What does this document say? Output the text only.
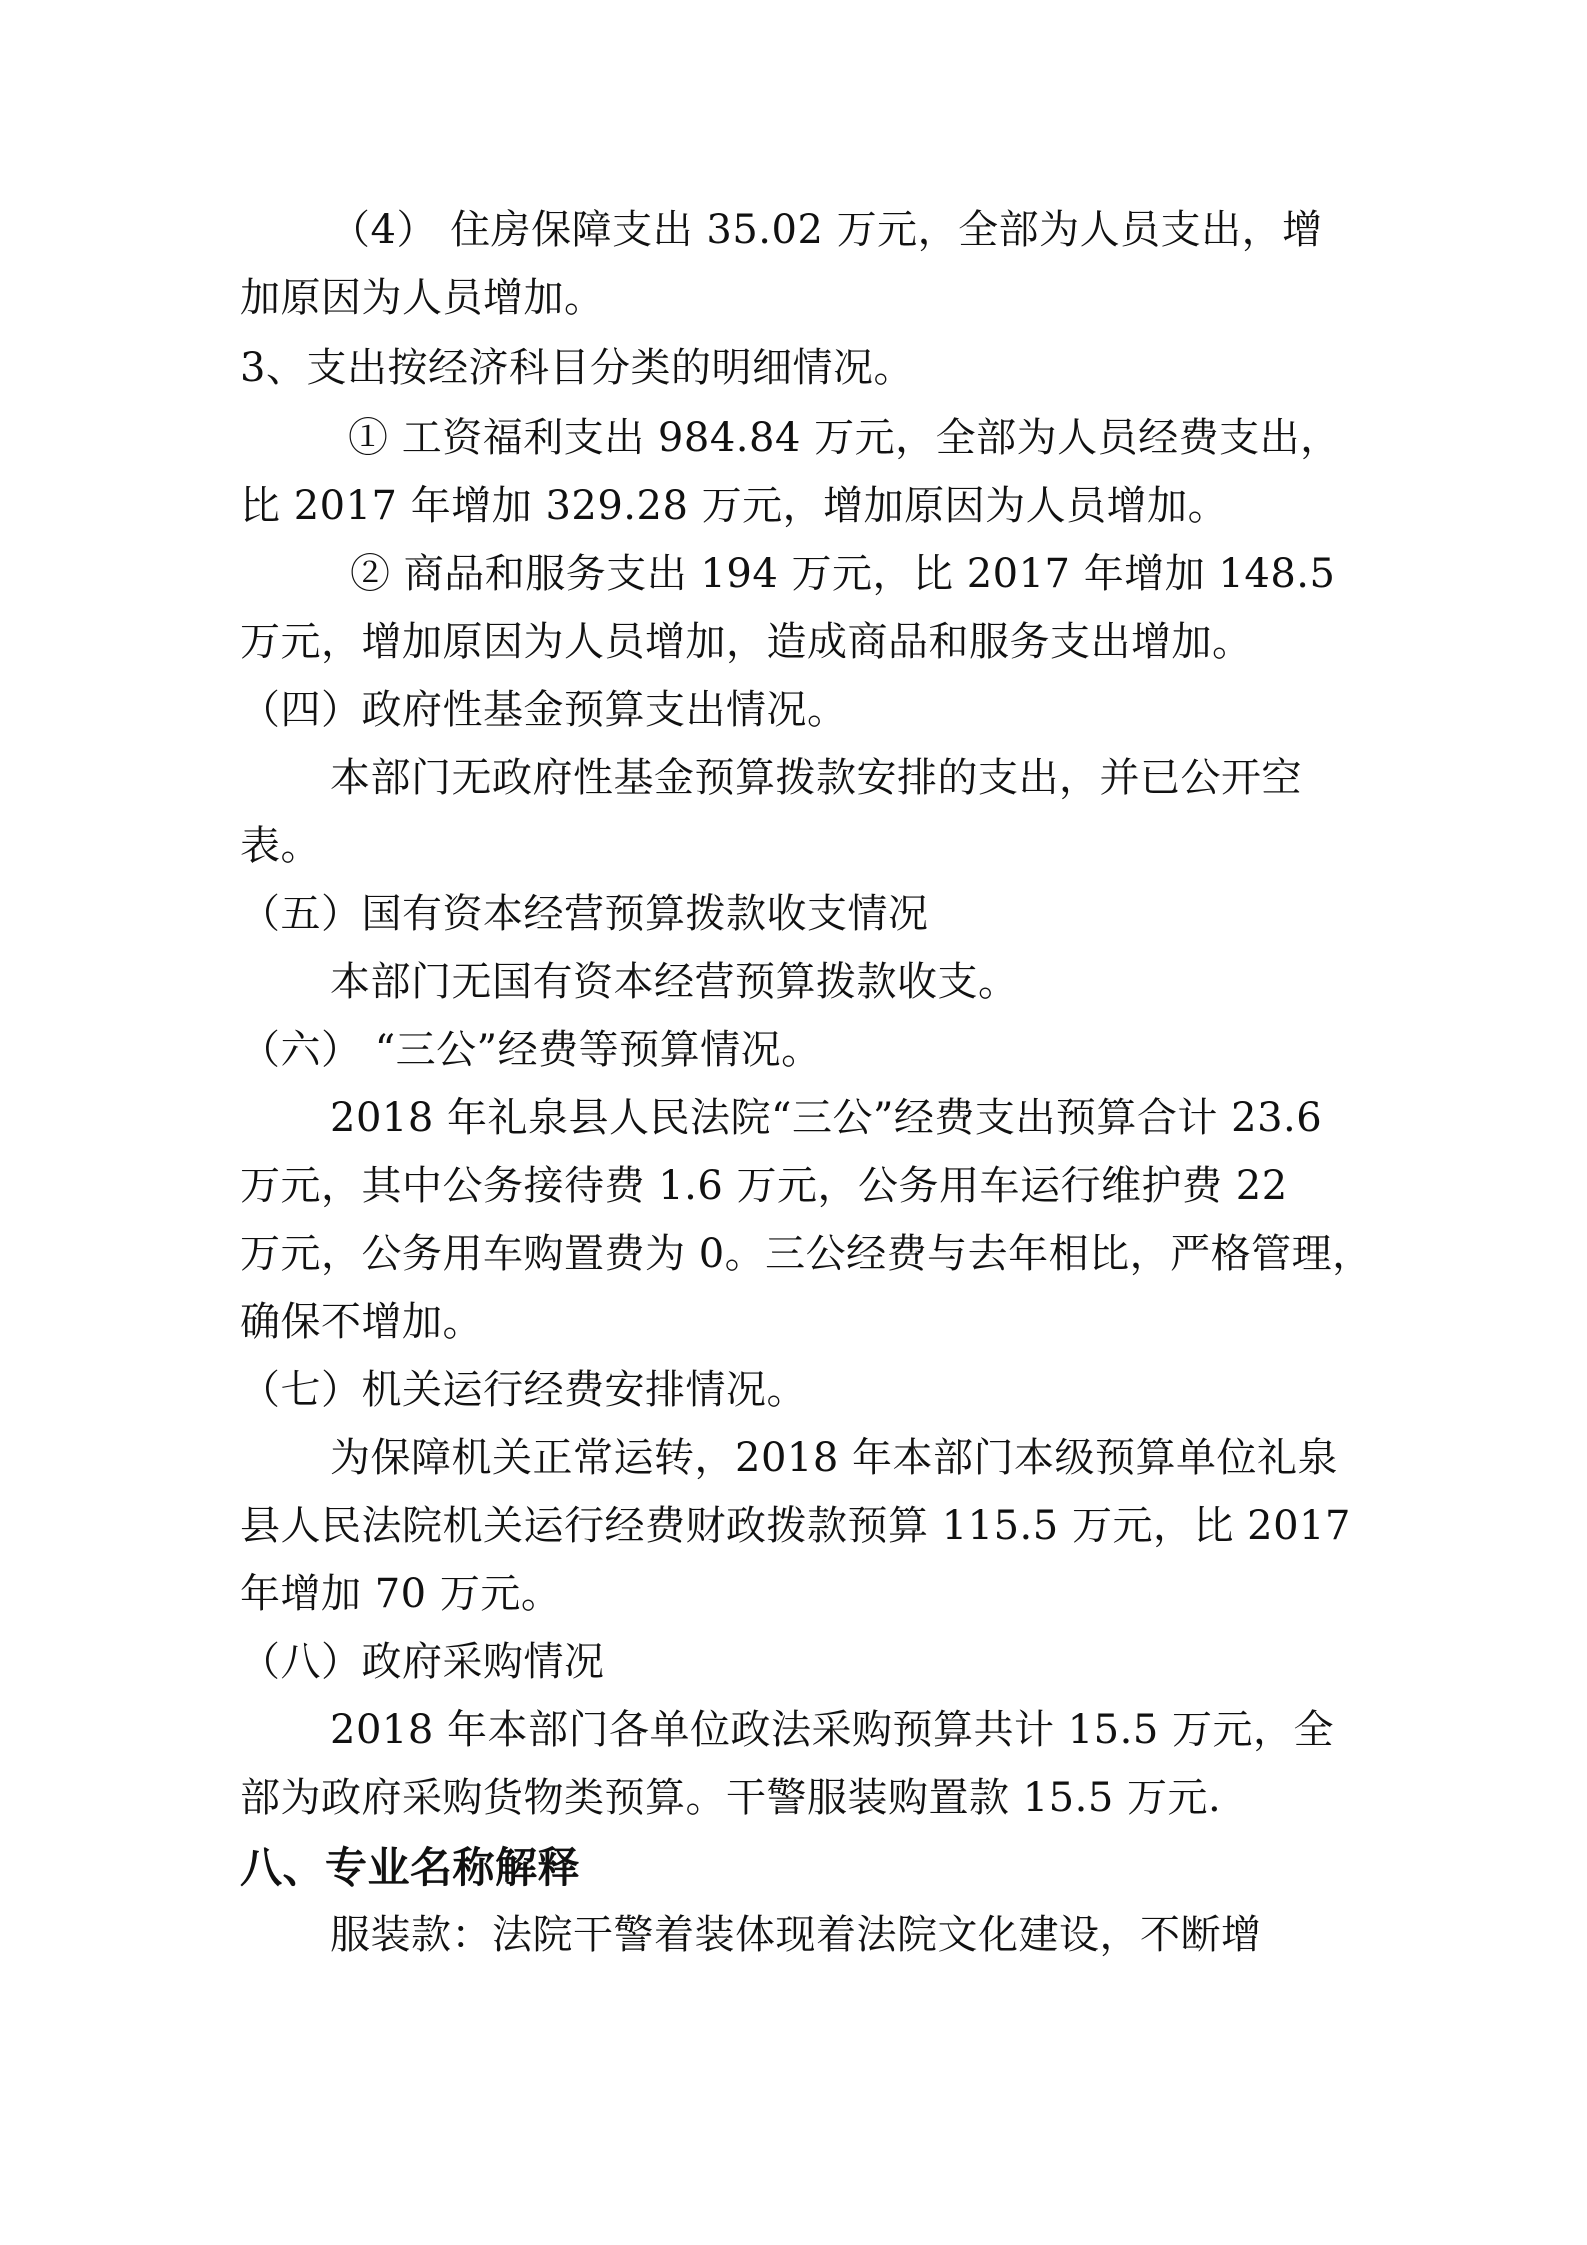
（4） 住房保障支出 35.02 万元，全部为人员支出，增
加原因为人员增加。
3、支出按经济科目分类的明细情况。
① 工资福利支出 984.84 万元，全部为人员经费支出，
比 2017 年增加 329.28 万元，增加原因为人员增加。
② 商品和服务支出 194 万元，比 2017 年增加 148.5
万元，增加原因为人员增加，造成商品和服务支出增加。
（四）政府性基金预算支出情况。
本部门无政府性基金预算拨款安排的支出，并已公开空
表。
（五）国有资本经营预算拨款收支情况
本部门无国有资本经营预算拨款收支。
（六） “三公”经费等预算情况。
2018 年礼泉县人民法院“三公”经费支出预算合计 23.6
万元，其中公务接待费 1.6 万元，公务用车运行维护费 22
万元，公务用车购置费为 0。三公经费与去年相比，严格管理，
确保不增加。
（七）机关运行经费安排情况。
为保障机关正常运转，2018 年本部门本级预算单位礼泉
县人民法院机关运行经费财政拨款预算 115.5 万元，比 2017
年增加 70 万元。
（八）政府采购情况
2018 年本部门各单位政法采购预算共计 15.5 万元，全
部为政府采购货物类预算。干警服装购置款 15.5 万元.
八、专业名称解释
服装款：法院干警着装体现着法院文化建设，不断增
